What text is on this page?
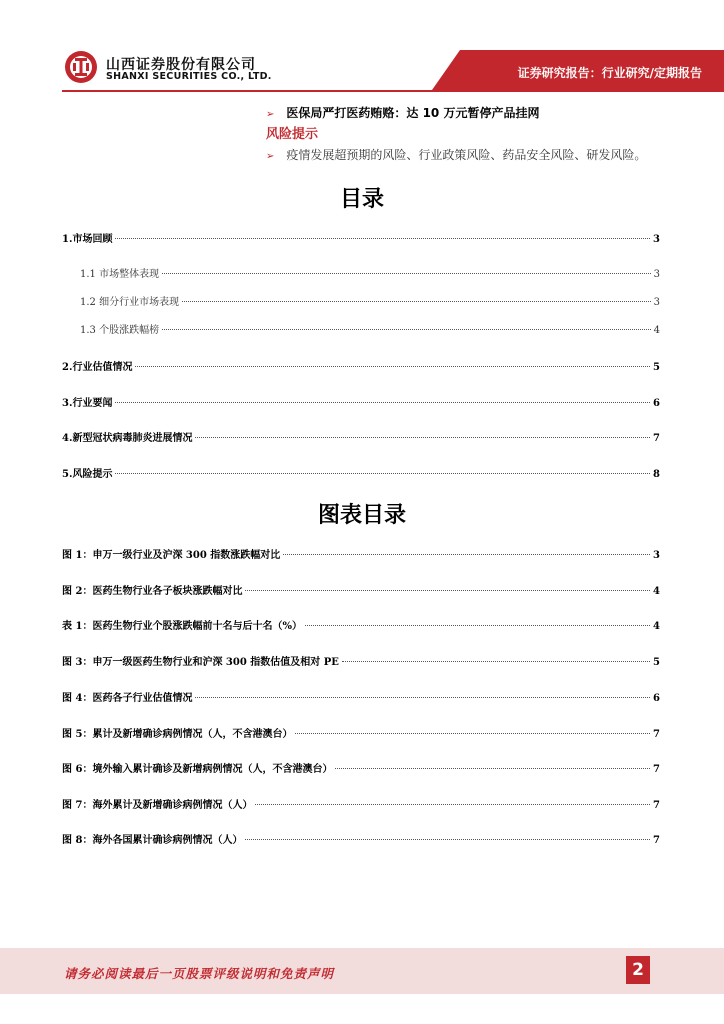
山西证券股份有限公司
SHANXI SECURITIES CO., LTD.	证券研究报告：行业研究/定期报告
➢ 医保局严打医药贿赂：达 10 万元暂停产品挂网
风险提示
➢ 疫情发展超预期的风险、行业政策风险、药品安全风险、研发风险。
目录
1.市场回顾	3
1.1 市场整体表现	3
1.2 细分行业市场表现	3
1.3 个股涨跌幅榜	4
2.行业估值情况	5
3.行业要闻	6
4.新型冠状病毒肺炎进展情况	7
5.风险提示	8
图表目录
图 1：申万一级行业及沪深 300 指数涨跌幅对比	3
图 2：医药生物行业各子板块涨跌幅对比	4
表 1：医药生物行业个股涨跌幅前十名与后十名（%）	4
图 3：申万一级医药生物行业和沪深 300 指数估值及相对 PE	5
图 4：医药各子行业估值情况	6
图 5：累计及新增确诊病例情况（人，不含港澳台）	7
图 6：境外输入累计确诊及新增病例情况（人，不含港澳台）	7
图 7：海外累计及新增确诊病例情况（人）	7
图 8：海外各国累计确诊病例情况（人）	7
请务必阅读最后一页股票评级说明和免责声明	2
